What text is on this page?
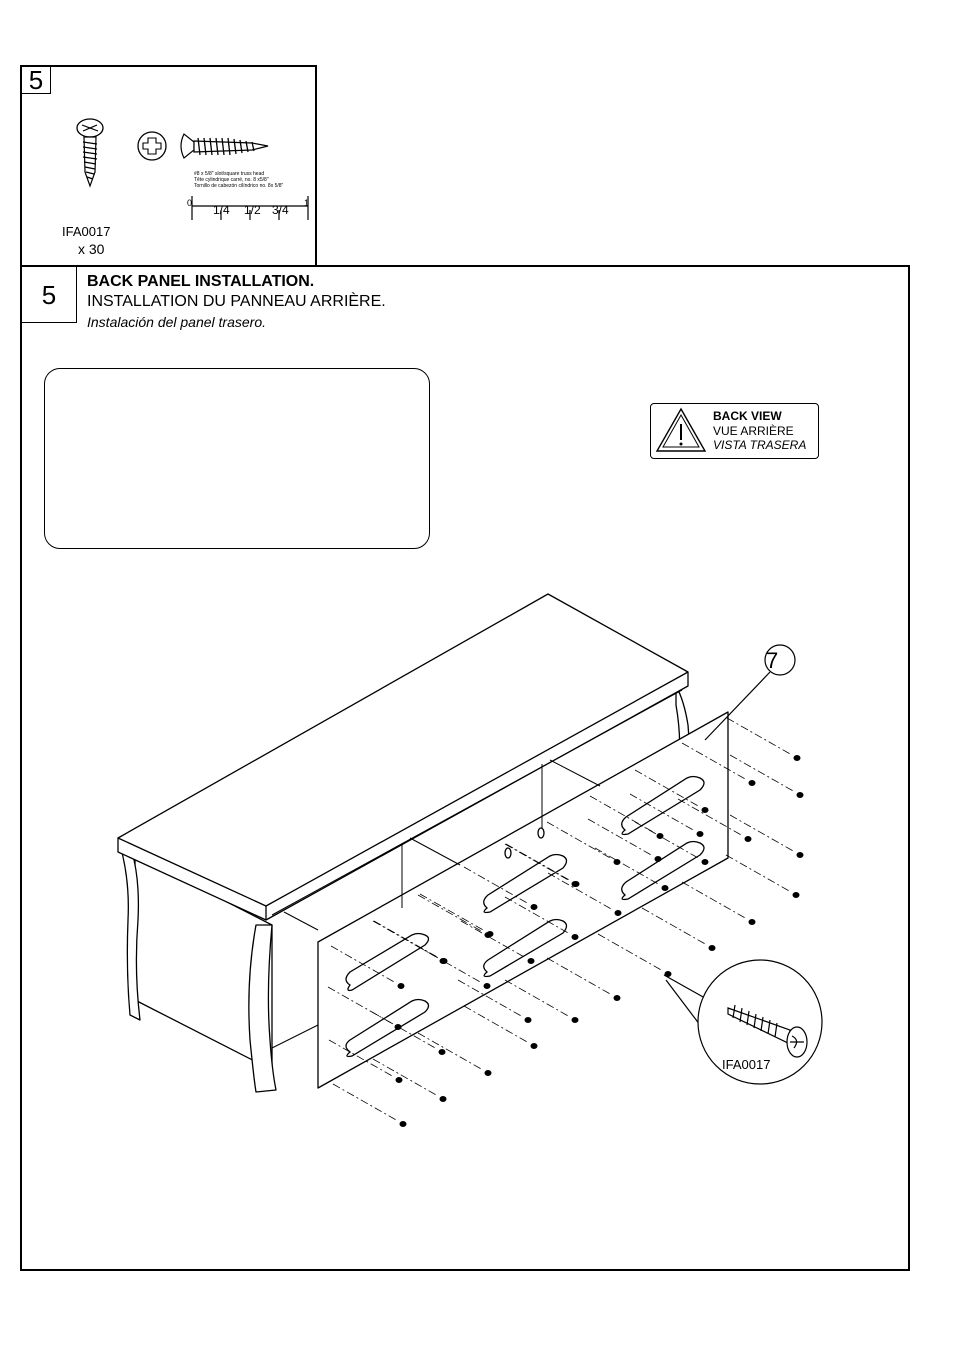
5
#8 x 5/8" slot/square truss head
Tête cylindrique carré, no. 8 x5/8"
Tornillo de cabezón cilíndrico no. 8x 5/8"
0 1/4 1/2 3/4 1
IFA0017
x 30
5	BACK PANEL INSTALLATION.
INSTALLATION DU PANNEAU ARRIÈRE.
Instalación del panel trasero.
BACK VIEW
VUE ARRIÈRE
VISTA TRASERA
7
IFA0017
